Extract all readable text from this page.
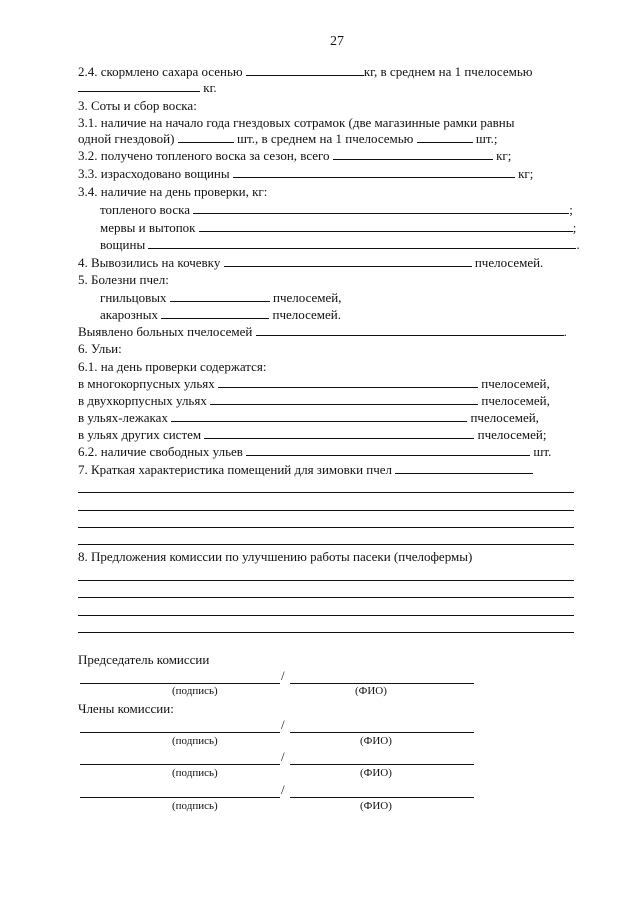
27
2.4. скормлено сахара осенью	кг, в среднем на 1 пчелосемью
кг.
3. Соты и сбор воска:
3.1. наличие на начало года гнездовых сотрамок (две магазинные рамки равны
одной гнездовой)	шт., в среднем на 1 пчелосемью	шт.;
3.2. получено топленого воска за сезон, всего	кг;
3.3. израсходовано вощины	кг;
3.4. наличие на день проверки, кг:
топленого воска	;
мервы и вытопок	;
вощины	.
4. Вывозились на кочевку	пчелосемей.
5. Болезни пчел:
гнильцовых	пчелосемей,
акарозных	пчелосемей.
Выявлено больных пчелосемей	.
6. Ульи:
6.1. на день проверки содержатся:
в многокорпусных ульях	пчелосемей,
в двухкорпусных ульях	пчелосемей,
в ульях-лежаках	пчелосемей,
в ульях других систем	пчелосемей;
6.2. наличие свободных ульев	шт.
7. Краткая характеристика помещений для зимовки пчел
8. Предложения комиссии по улучшению работы пасеки (пчелофермы)
Председатель комиссии
/
(подпись)	(ФИО)
Члены комиссии:
/
(подпись)	(ФИО)
/
(подпись)	(ФИО)
/
(подпись)	(ФИО)
